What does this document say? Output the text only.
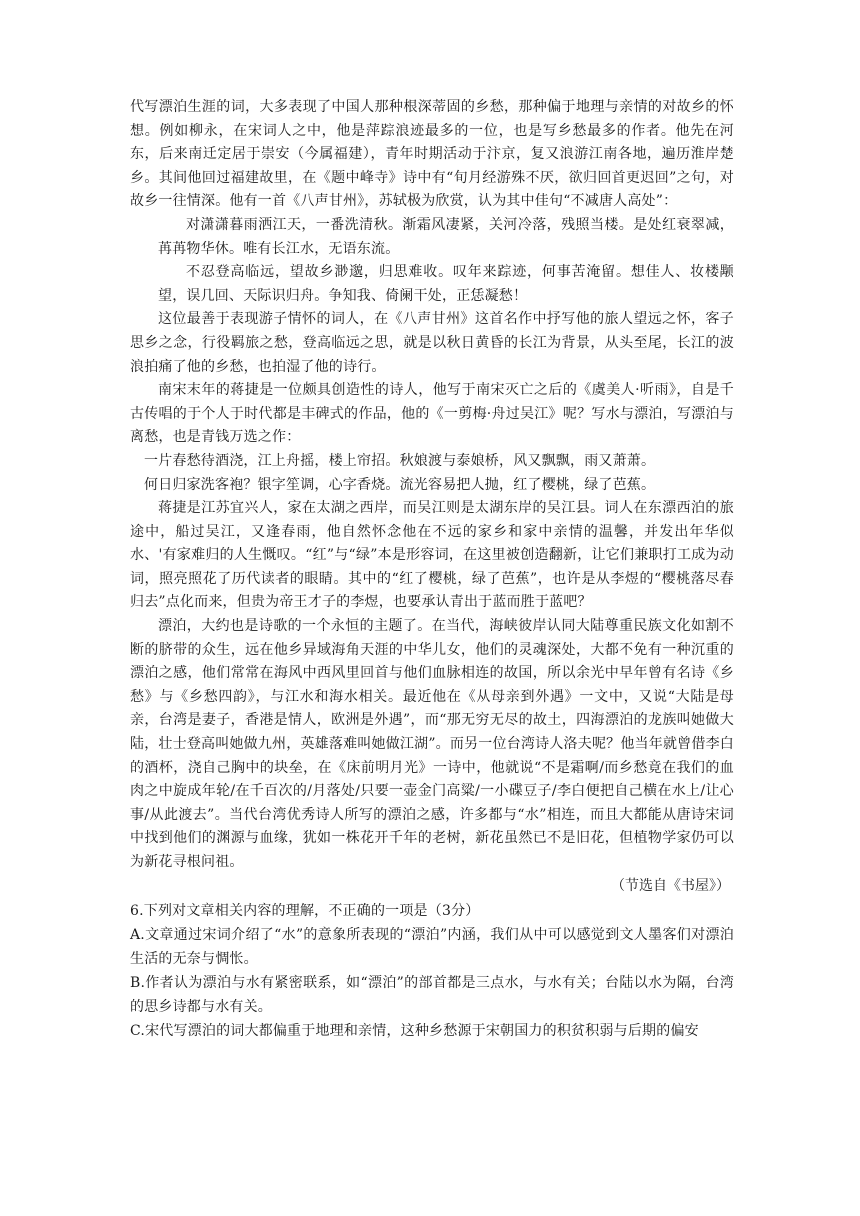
代写漂泊生涯的词，大多表现了中国人那种根深蒂固的乡愁，那种偏于地理与亲情的对故乡的怀想。例如柳永，在宋词人之中，他是萍踪浪迹最多的一位，也是写乡愁最多的作者。他先在河东，后来南迁定居于崇安（今属福建），青年时期活动于汴京，复又浪游江南各地，遍历淮岸楚乡。其间他回过福建故里，在《题中峰寺》诗中有“旬月经游殊不厌，欲归回首更迟回”之句，对故乡一往情深。他有一首《八声甘州》，苏轼极为欣赏，认为其中佳句“不减唐人高处”：

对潇潇暮雨洒江天，一番洗清秋。渐霜风凄紧，关河冷落，残照当楼。是处红衰翠减，苒苒物华休。唯有长江水，无语东流。

不忍登高临远，望故乡渺邈，归思难收。叹年来踪迹，何事苦淹留。想佳人、妆楼颙望，误几回、天际识归舟。争知我、倚阑干处，正恁凝愁！

这位最善于表现游子情怀的词人，在《八声甘州》这首名作中抒写他的旅人望远之怀，客子思乡之念，行役羁旅之愁，登高临远之思，就是以秋日黄昏的长江为背景，从头至尾，长江的波浪拍痛了他的乡愁，也拍湿了他的诗行。

南宋末年的蒋捷是一位颇具创造性的诗人，他写于南宋灭亡之后的《虞美人·听雨》，自是千古传唱的于个人于时代都是丰碑式的作品，他的《一剪梅·舟过吴江》呢？写水与漂泊，写漂泊与离愁，也是青钱万选之作：

一片春愁待酒浇，江上舟摇，楼上帘招。秋娘渡与泰娘桥，风又飘飘，雨又萧萧。

何日归家洗客袍？银字笙调，心字香烧。流光容易把人抛，红了樱桃，绿了芭蕉。

蒋捷是江苏宜兴人，家在太湖之西岸，而吴江则是太湖东岸的吴江县。词人在东漂西泊的旅途中，船过吴江，又逢春雨，他自然怀念他在不远的家乡和家中亲情的温馨，并发出年华似水、'有家难归的人生慨叹。“红”与“绿”本是形容词，在这里被创造翻新，让它们兼职打工成为动词，照亮照花了历代读者的眼睛。其中的“红了樱桃，绿了芭蕉”，也许是从李煜的“樱桃落尽春归去”点化而来，但贵为帝王才子的李煜，也要承认青出于蓝而胜于蓝吧？

漂泊，大约也是诗歌的一个永恒的主题了。在当代，海峡彼岸认同大陆尊重民族文化如割不断的脐带的众生，远在他乡异域海角天涯的中华儿女，他们的灵魂深处，大都不免有一种沉重的漂泊之感，他们常常在海风中西风里回首与他们血脉相连的故国，所以余光中早年曾有名诗《乡愁》与《乡愁四韵》，与江水和海水相关。最近他在《从母亲到外遇》一文中，又说“大陆是母亲，台湾是妻子，香港是情人，欧洲是外遇”，而“那无穷无尽的故土，四海漂泊的龙族叫她做大陆，壮士登高叫她做九州，英雄落难叫她做江湖”。而另一位台湾诗人洛夫呢？他当年就曾借李白的酒杯，浇自己胸中的块垒，在《床前明月光》一诗中，他就说“不是霜啊/而乡愁竟在我们的血肉之中旋成年轮/在千百次的/月落处/只要一壶金门高粱/一小碟豆子/李白便把自己横在水上/让心事/从此渡去”。当代台湾优秀诗人所写的漂泊之感，许多都与“水”相连，而且大都能从唐诗宋词中找到他们的渊源与血缘，犹如一株花开千年的老树，新花虽然已不是旧花，但植物学家仍可以为新花寻根问祖。

（节选自《书屋》）

6.下列对文章相关内容的理解，不正确的一项是（3分）

A.文章通过宋词介绍了“水”的意象所表现的“漂泊”内涵，我们从中可以感觉到文人墨客们对漂泊生活的无奈与惆怅。

B.作者认为漂泊与水有紧密联系，如“漂泊”的部首都是三点水，与水有关；台陆以水为隔，台湾的思乡诗都与水有关。

C.宋代写漂泊的词大都偏重于地理和亲情，这种乡愁源于宋朝国力的积贫积弱与后期的偏安
